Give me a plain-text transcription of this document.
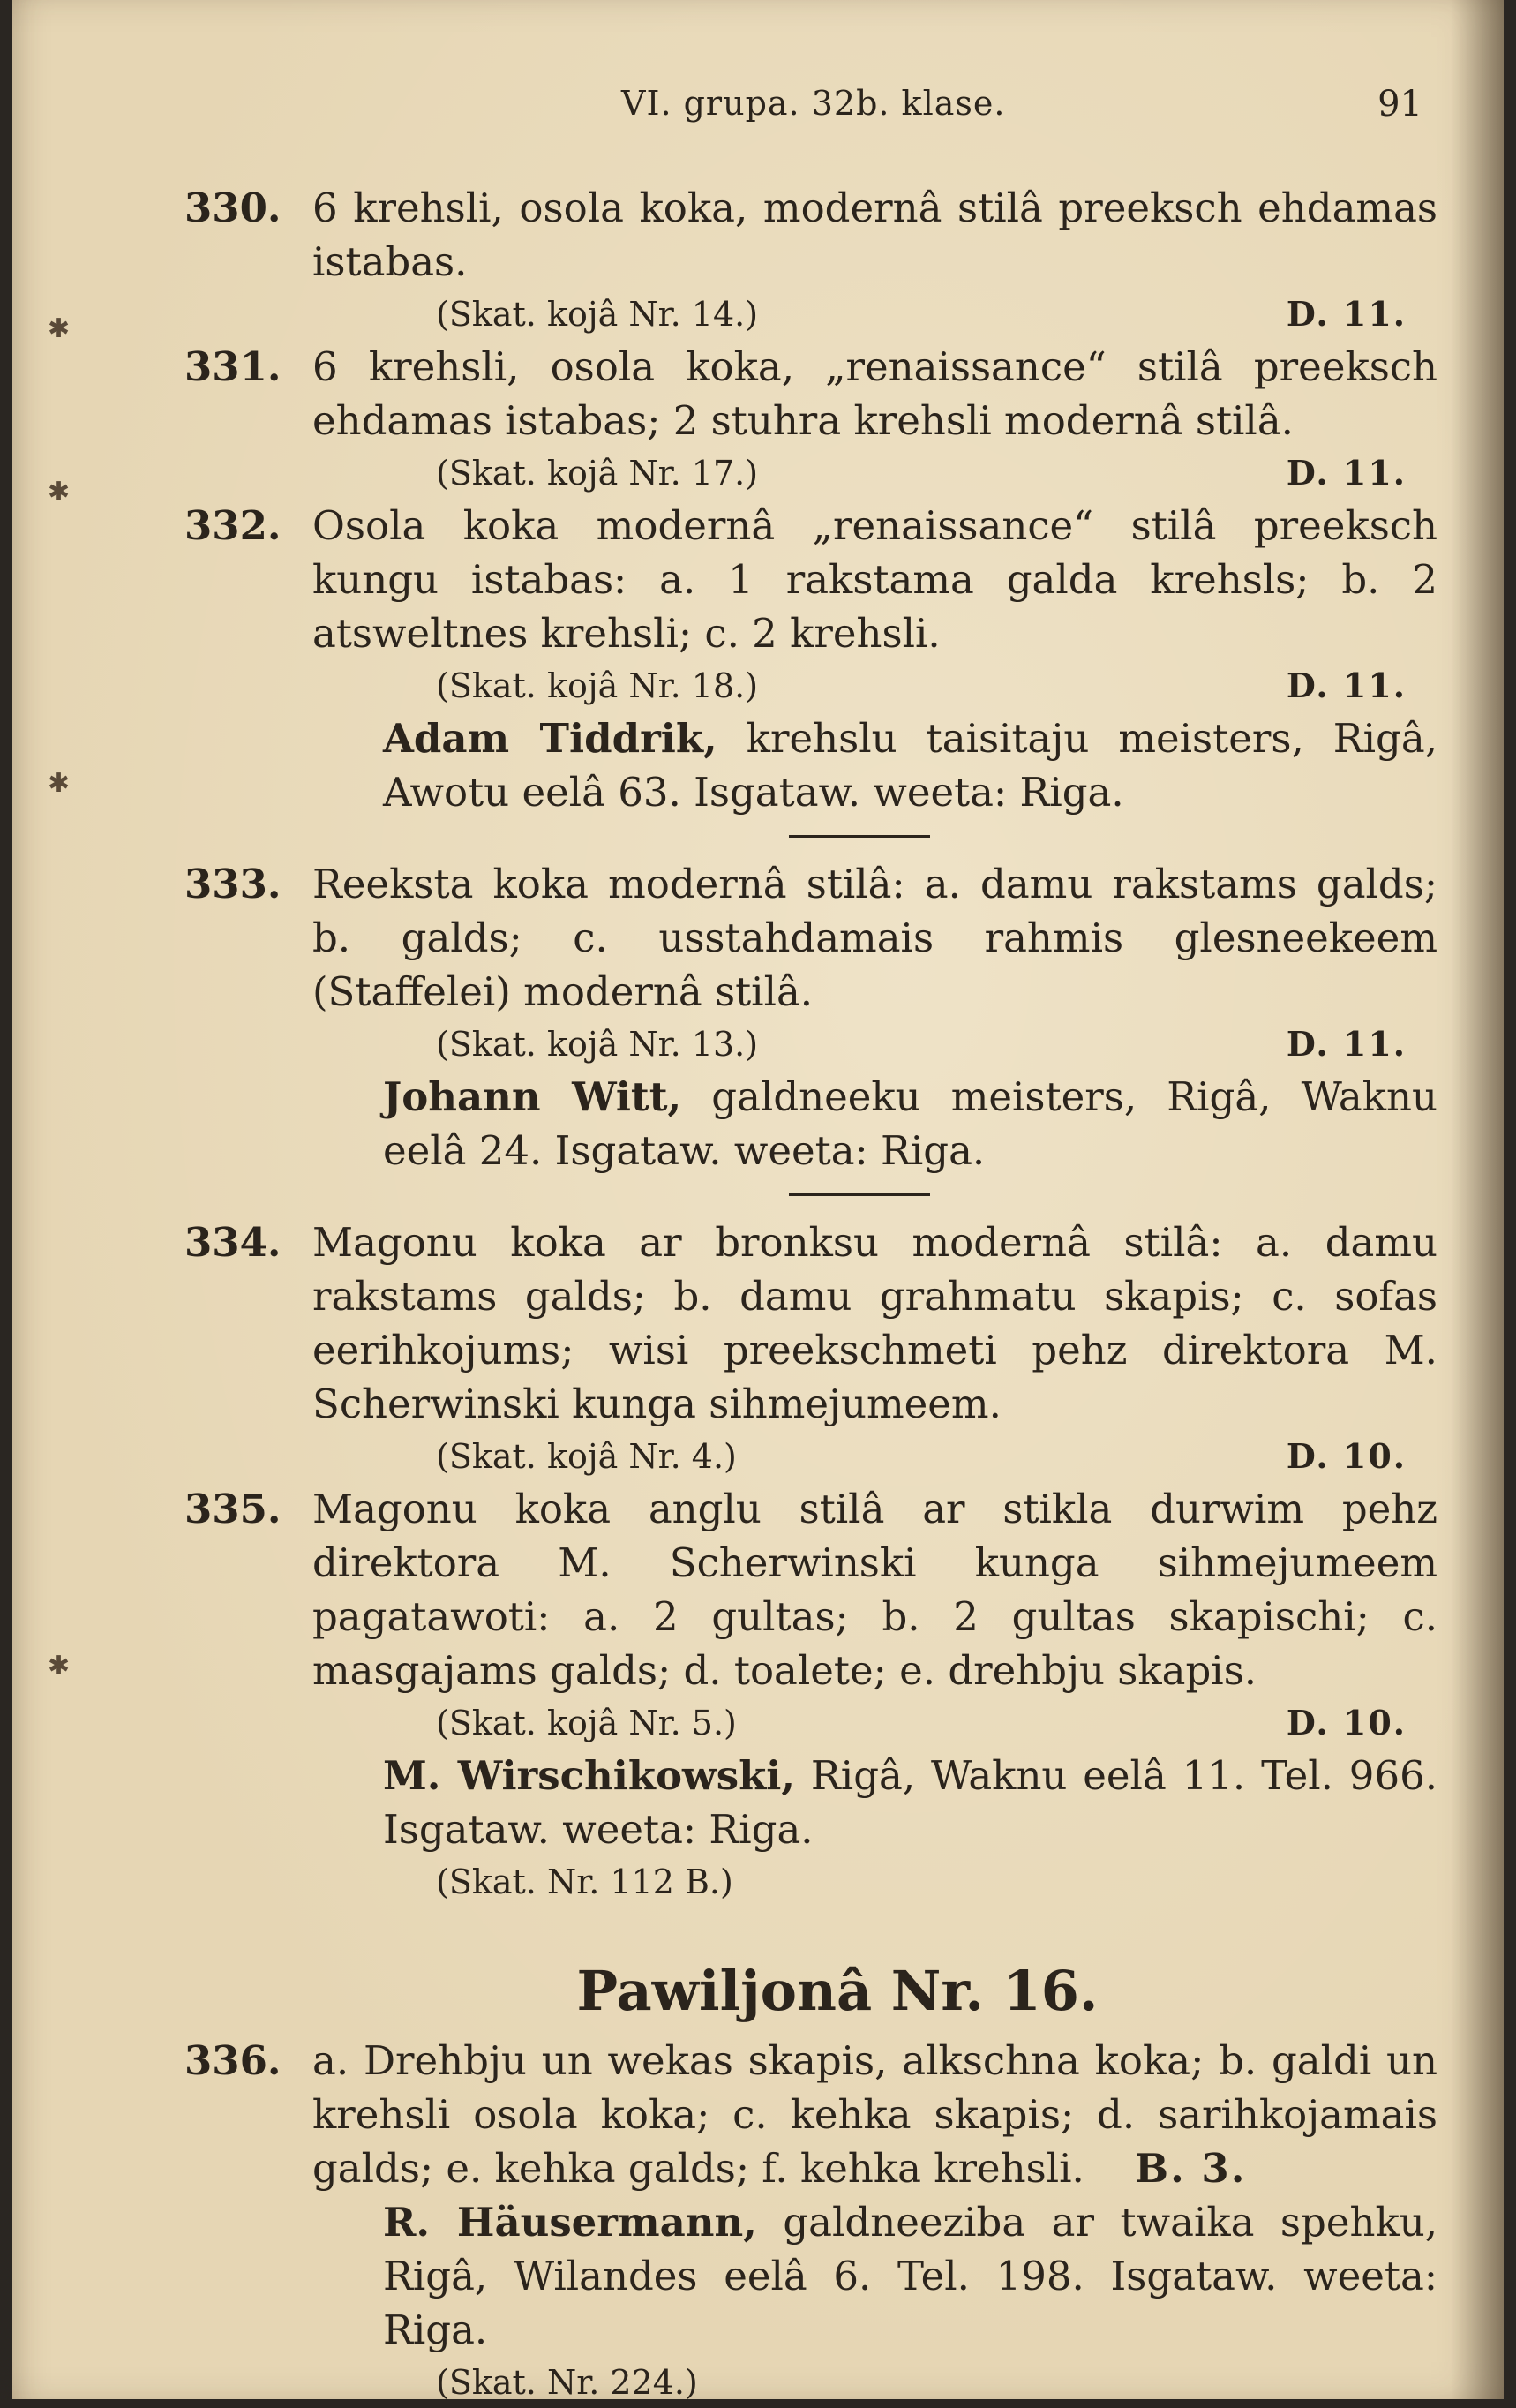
✱
✱
✱
✱
VI. grupa. 32b. klase.	91
330. 6 krehsli, osola koka, modernâ stilâ preeksch ehdamas istabas.
(Skat. kojâ Nr. 14.)	D. 11.
331. 6 krehsli, osola koka, „renaissance“ stilâ preeksch ehdamas istabas; 2 stuhra krehsli modernâ stilâ.
(Skat. kojâ Nr. 17.)	D. 11.
332. Osola koka modernâ „renaissance“ stilâ preeksch kungu istabas: a. 1 rakstama galda krehsls; b. 2 atsweltnes krehsli; c. 2 krehsli.
(Skat. kojâ Nr. 18.)	D. 11.
Adam Tiddrik, krehslu taisitaju meisters, Rigâ, Awotu eelâ 63. Isgataw. weeta: Riga.
333. Reeksta koka modernâ stilâ: a. damu rakstams galds; b. galds; c. usstahdamais rahmis glesneekeem (Staffelei) modernâ stilâ.
(Skat. kojâ Nr. 13.)	D. 11.
Johann Witt, galdneeku meisters, Rigâ, Waknu eelâ 24. Isgataw. weeta: Riga.
334. Magonu koka ar bronksu modernâ stilâ: a. damu rakstams galds; b. damu grahmatu skapis; c. sofas eerihkojums; wisi preekschmeti pehz direktora M. Scherwinski kunga sihmejumeem.
(Skat. kojâ Nr. 4.)	D. 10.
335. Magonu koka anglu stilâ ar stikla durwim pehz direktora M. Scherwinski kunga sihmejumeem pagatawoti: a. 2 gultas; b. 2 gultas skapischi; c. masgajams galds; d. toalete; e. drehbju skapis.
(Skat. kojâ Nr. 5.)	D. 10.
M. Wirschikowski, Rigâ, Waknu eelâ 11. Tel. 966. Isgataw. weeta: Riga.
(Skat. Nr. 112 B.)
Pawiljonâ Nr. 16.
336. a. Drehbju un wekas skapis, alkschna koka; b. galdi un krehsli osola koka; c. kehka skapis; d. sarihkojamais galds; e. kehka galds; f. kehka krehsli. B. 3.
R. Häusermann, galdneeziba ar twaika spehku, Rigâ, Wilandes eelâ 6. Tel. 198. Isgataw. weeta: Riga.
(Skat. Nr. 224.)
